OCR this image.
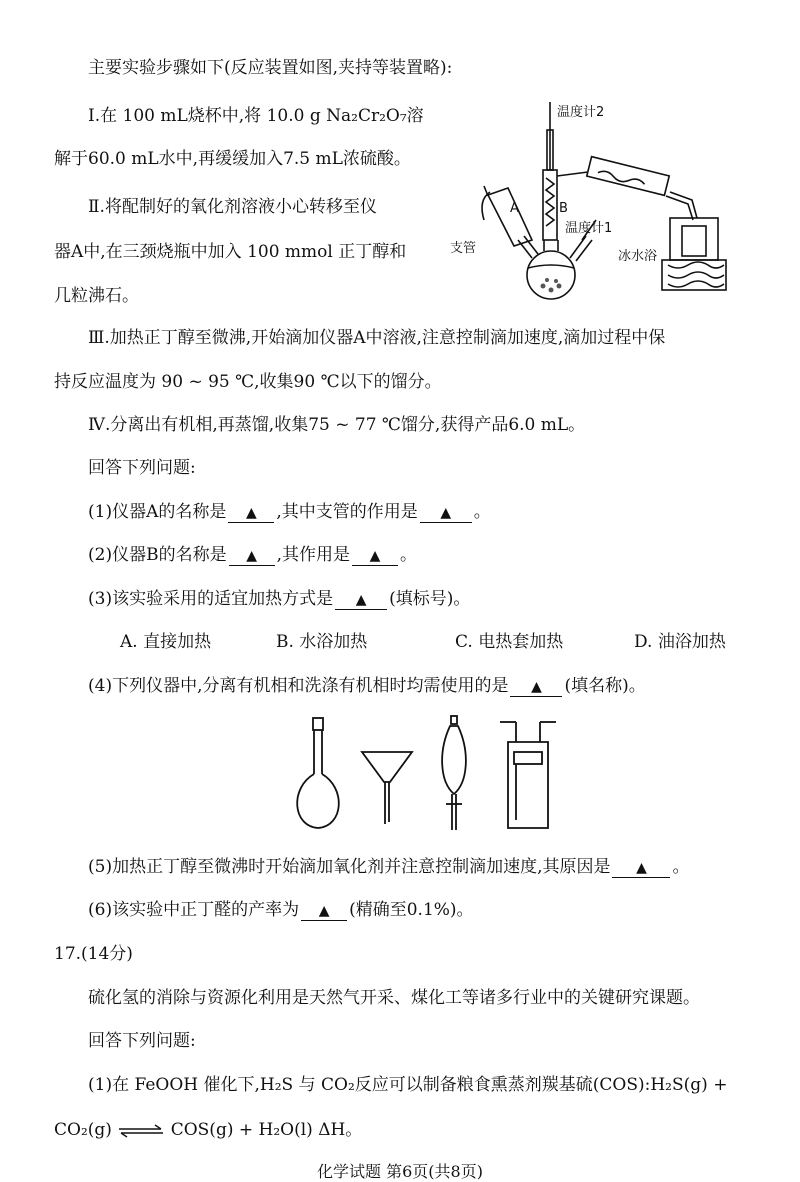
主要实验步骤如下(反应装置如图,夹持等装置略):
Ⅰ.在 100 mL烧杯中,将 10.0 g Na₂Cr₂O₇溶
解于60.0 mL水中,再缓缓加入7.5 mL浓硫酸。
Ⅱ.将配制好的氧化剂溶液小心转移至仪
器A中,在三颈烧瓶中加入 100 mmol 正丁醇和
几粒沸石。
Ⅲ.加热正丁醇至微沸,开始滴加仪器A中溶液,注意控制滴加速度,滴加过程中保
持反应温度为 90 ~ 95 ℃,收集90 ℃以下的馏分。
Ⅳ.分离出有机相,再蒸馏,收集75 ~ 77 ℃馏分,获得产品6.0 mL。
回答下列问题:
(1)仪器A的名称是 ▲ ,其中支管的作用是 ▲ 。
(2)仪器B的名称是 ▲ ,其作用是 ▲ 。
(3)该实验采用的适宜加热方式是 ▲ (填标号)。
A. 直接加热	B. 水浴加热	C. 电热套加热	D. 油浴加热
(4)下列仪器中,分离有机相和洗涤有机相时均需使用的是 ▲ (填名称)。
温度计2
温度计1
A	B
支管
冰水浴
(5)加热正丁醇至微沸时开始滴加氧化剂并注意控制滴加速度,其原因是 ▲ 。
(6)该实验中正丁醛的产率为 ▲ (精确至0.1%)。
17.(14分)
硫化氢的消除与资源化利用是天然气开采、煤化工等诸多行业中的关键研究课题。
回答下列问题:
(1)在 FeOOH 催化下,H₂S 与 CO₂反应可以制备粮食熏蒸剂羰基硫(COS):H₂S(g) +
CO₂(g) ⇌ COS(g) + H₂O(l) ΔH。
化学试题 第6页(共8页)
